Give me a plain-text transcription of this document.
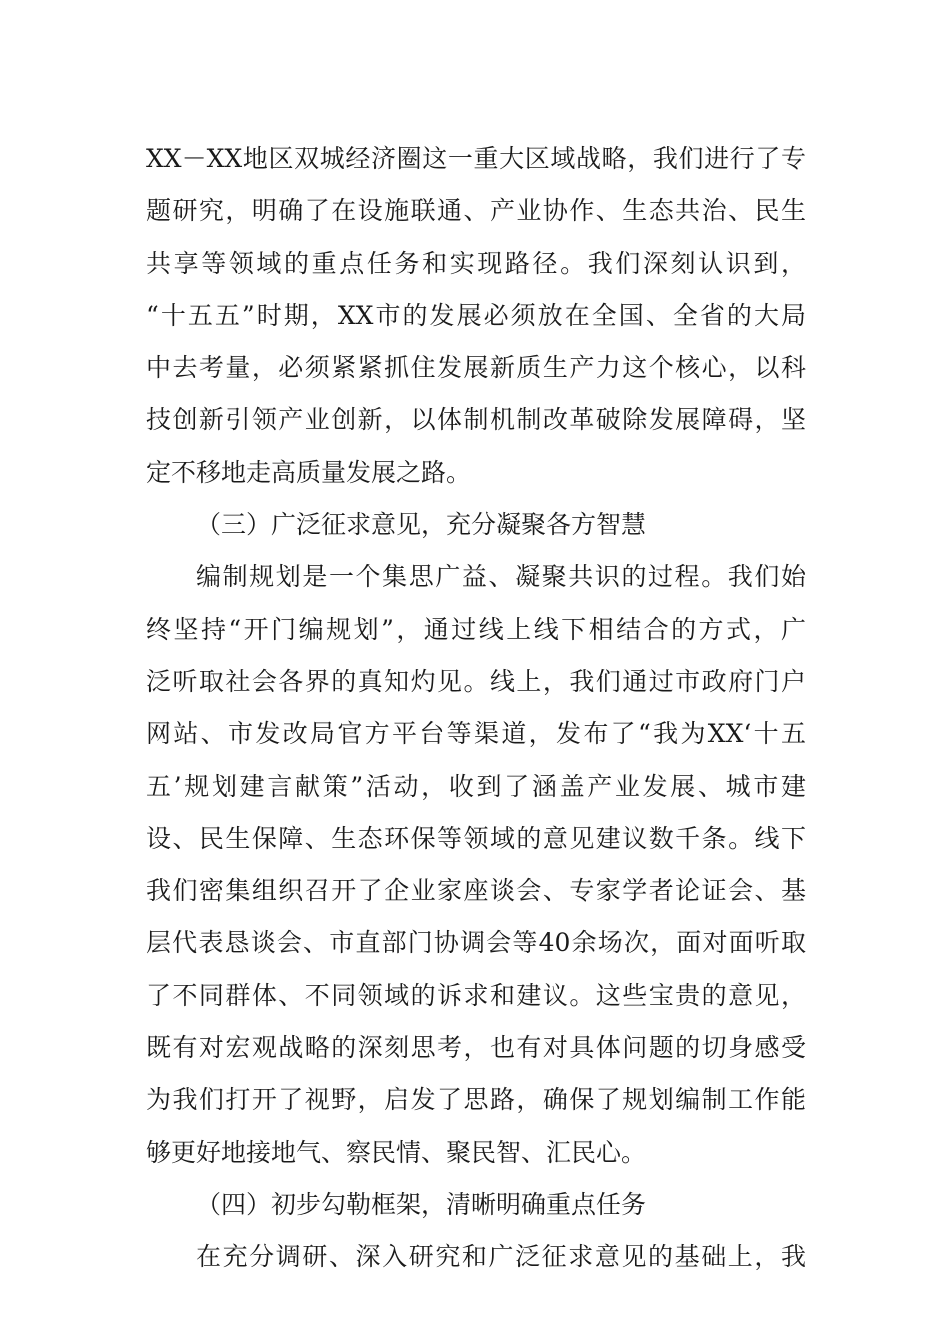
XX－XX地区双城经济圈这一重大区域战略，我们进行了专
题研究，明确了在设施联通、产业协作、生态共治、民生
共享等领域的重点任务和实现路径。我们深刻认识到，
“十五五”时期，XX市的发展必须放在全国、全省的大局
中去考量，必须紧紧抓住发展新质生产力这个核心，以科
技创新引领产业创新，以体制机制改革破除发展障碍，坚
定不移地走高质量发展之路。
（三）广泛征求意见，充分凝聚各方智慧
编制规划是一个集思广益、凝聚共识的过程。我们始
终坚持“开门编规划”，通过线上线下相结合的方式，广
泛听取社会各界的真知灼见。线上，我们通过市政府门户
网站、市发改局官方平台等渠道，发布了“我为XX‘十五
五’规划建言献策”活动，收到了涵盖产业发展、城市建
设、民生保障、生态环保等领域的意见建议数千条。线下
我们密集组织召开了企业家座谈会、专家学者论证会、基
层代表恳谈会、市直部门协调会等40余场次，面对面听取
了不同群体、不同领域的诉求和建议。这些宝贵的意见，
既有对宏观战略的深刻思考，也有对具体问题的切身感受
为我们打开了视野，启发了思路，确保了规划编制工作能
够更好地接地气、察民情、聚民智、汇民心。
（四）初步勾勒框架，清晰明确重点任务
在充分调研、深入研究和广泛征求意见的基础上，我
